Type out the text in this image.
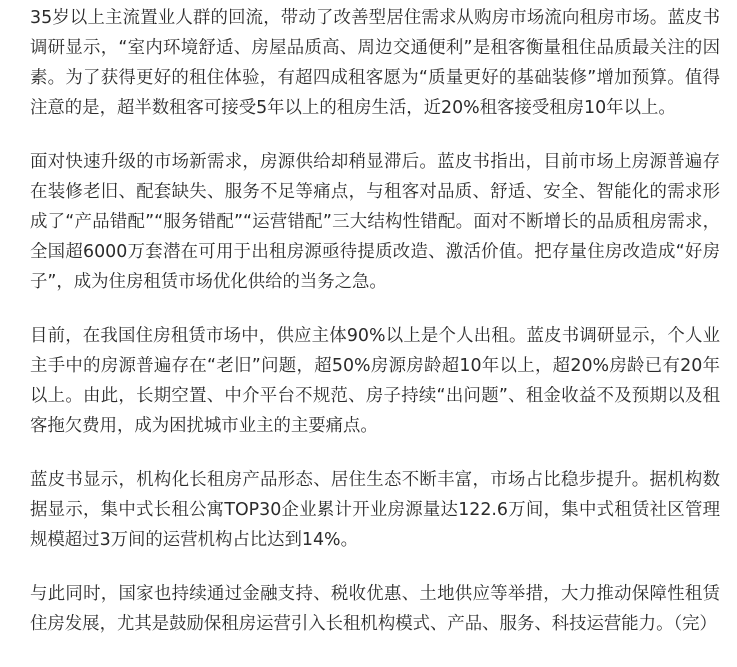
35岁以上主流置业人群的回流，带动了改善型居住需求从购房市场流向租房市场。蓝皮书调研显示，“室内环境舒适、房屋品质高、周边交通便利”是租客衡量租住品质最关注的因素。为了获得更好的租住体验，有超四成租客愿为“质量更好的基础装修”增加预算。值得注意的是，超半数租客可接受5年以上的租房生活，近20%租客接受租房10年以上。

面对快速升级的市场新需求，房源供给却稍显滞后。蓝皮书指出，目前市场上房源普遍存在装修老旧、配套缺失、服务不足等痛点，与租客对品质、舒适、安全、智能化的需求形成了“产品错配”“服务错配”“运营错配”三大结构性错配。面对不断增长的品质租房需求，全国超6000万套潜在可用于出租房源亟待提质改造、激活价值。把存量住房改造成“好房子”，成为住房租赁市场优化供给的当务之急。

目前，在我国住房租赁市场中，供应主体90%以上是个人出租。蓝皮书调研显示，个人业主手中的房源普遍存在“老旧”问题，超50%房源房龄超10年以上，超20%房龄已有20年以上。由此，长期空置、中介平台不规范、房子持续“出问题”、租金收益不及预期以及租客拖欠费用，成为困扰城市业主的主要痛点。

蓝皮书显示，机构化长租房产品形态、居住生态不断丰富，市场占比稳步提升。据机构数据显示，集中式长租公寓TOP30企业累计开业房源量达122.6万间，集中式租赁社区管理规模超过3万间的运营机构占比达到14%。

与此同时，国家也持续通过金融支持、税收优惠、土地供应等举措，大力推动保障性租赁住房发展，尤其是鼓励保租房运营引入长租机构模式、产品、服务、科技运营能力。（完）
